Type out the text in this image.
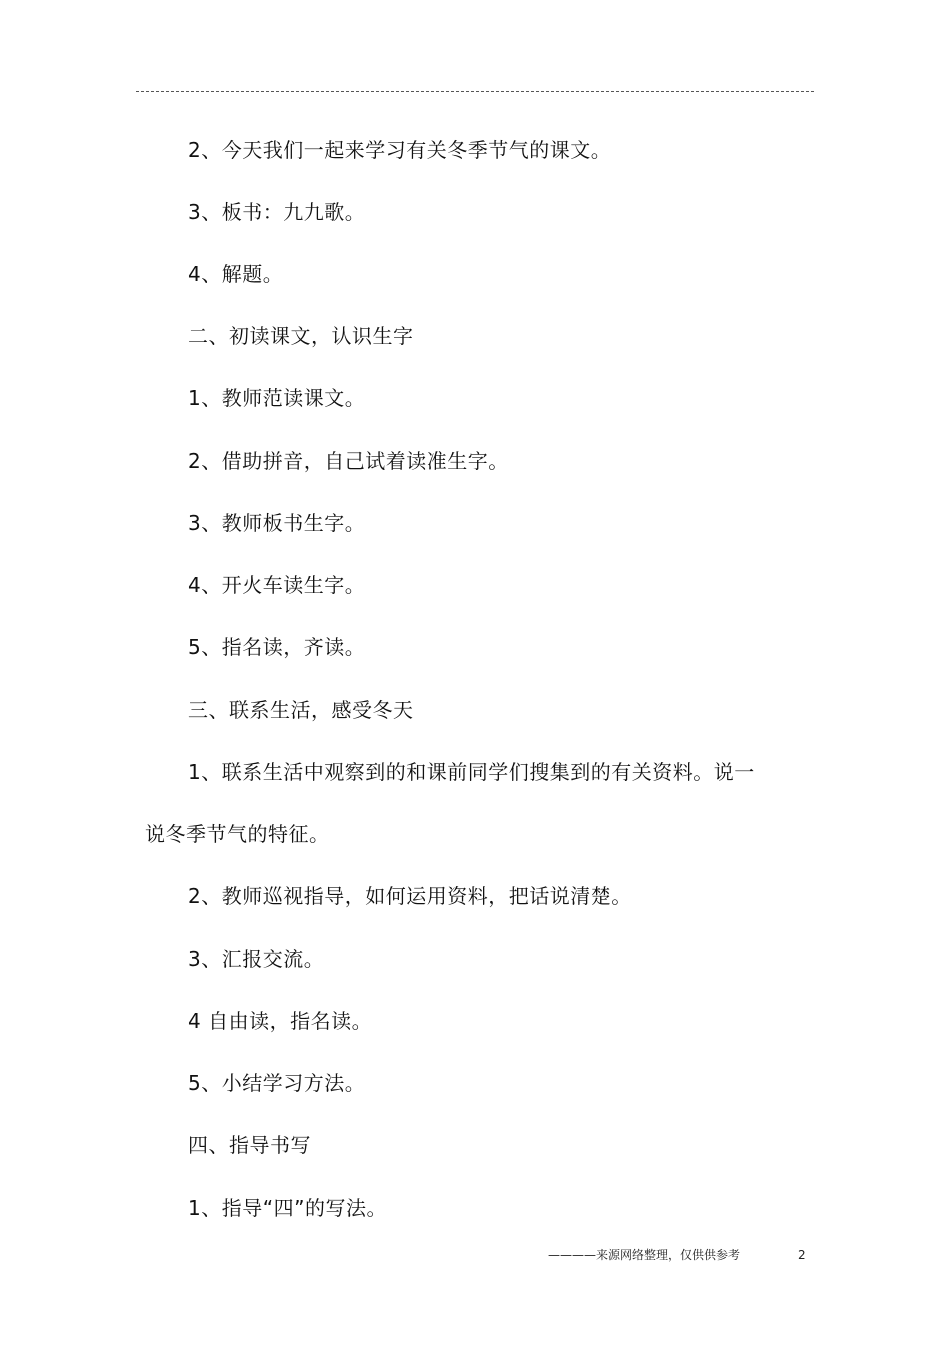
2、今天我们一起来学习有关冬季节气的课文。
3、板书：九九歌。
4、解题。
二、初读课文，认识生字
1、教师范读课文。
2、借助拼音，自己试着读准生字。
3、教师板书生字。
4、开火车读生字。
5、指名读，齐读。
三、联系生活，感受冬天
1、联系生活中观察到的和课前同学们搜集到的有关资料。说一
说冬季节气的特征。
2、教师巡视指导，如何运用资料，把话说清楚。
3、汇报交流。
4 自由读，指名读。
5、小结学习方法。
四、指导书写
1、指导“四”的写法。
————来源网络整理，仅供供参考	2
